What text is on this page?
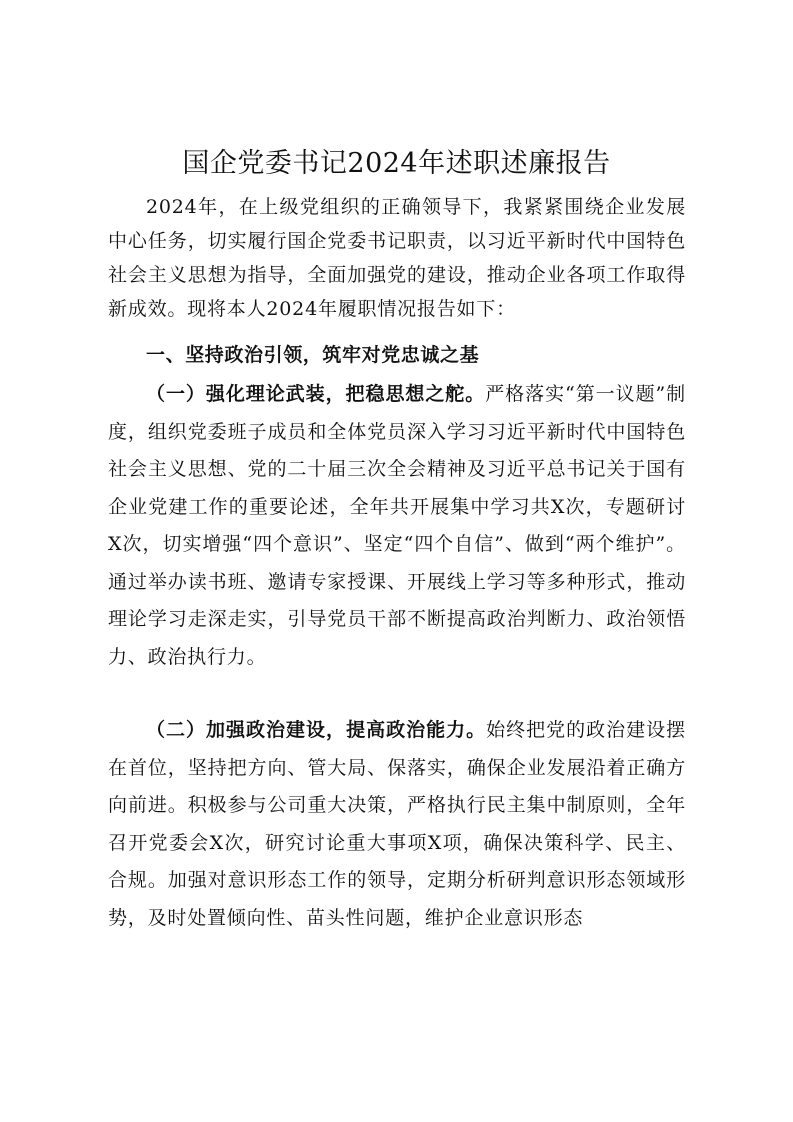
国企党委书记2024年述职述廉报告

2024年，在上级党组织的正确领导下，我紧紧围绕企业发展中心任务，切实履行国企党委书记职责，以习近平新时代中国特色社会主义思想为指导，全面加强党的建设，推动企业各项工作取得新成效。现将本人2024年履职情况报告如下：

一、坚持政治引领，筑牢对党忠诚之基

（一）强化理论武装，把稳思想之舵。严格落实“第一议题”制度，组织党委班子成员和全体党员深入学习习近平新时代中国特色社会主义思想、党的二十届三次全会精神及习近平总书记关于国有企业党建工作的重要论述，全年共开展集中学习共X次，专题研讨X次，切实增强“四个意识”、坚定“四个自信”、做到“两个维护”。通过举办读书班、邀请专家授课、开展线上学习等多种形式，推动理论学习走深走实，引导党员干部不断提高政治判断力、政治领悟力、政治执行力。

（二）加强政治建设，提高政治能力。始终把党的政治建设摆在首位，坚持把方向、管大局、保落实，确保企业发展沿着正确方向前进。积极参与公司重大决策，严格执行民主集中制原则，全年召开党委会X次，研究讨论重大事项X项，确保决策科学、民主、合规。加强对意识形态工作的领导，定期分析研判意识形态领域形势，及时处置倾向性、苗头性问题，维护企业意识形态
